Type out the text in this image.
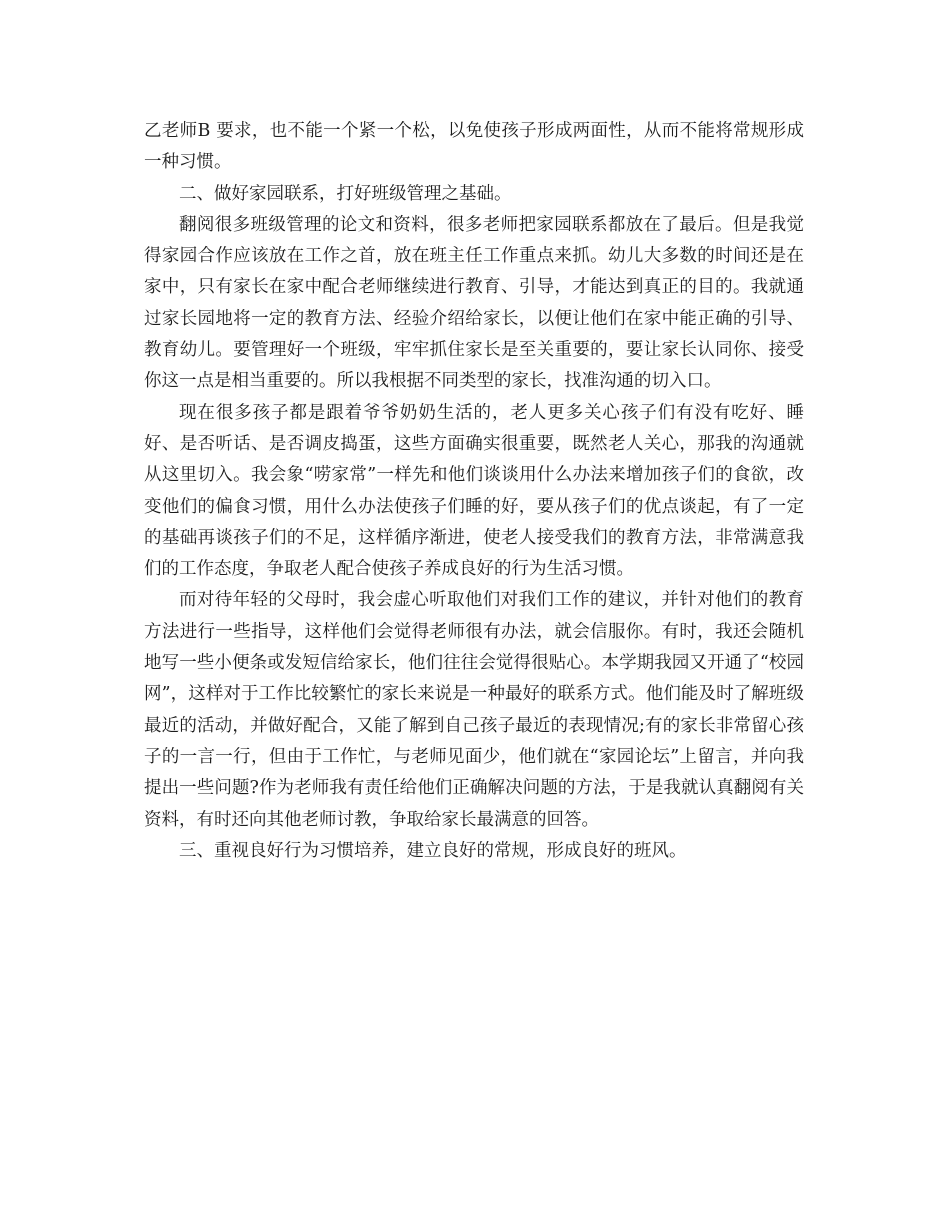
乙老师B 要求，也不能一个紧一个松，以免使孩子形成两面性，从而不能将常规形成一种习惯。

二、做好家园联系，打好班级管理之基础。

翻阅很多班级管理的论文和资料，很多老师把家园联系都放在了最后。但是我觉得家园合作应该放在工作之首，放在班主任工作重点来抓。幼儿大多数的时间还是在家中，只有家长在家中配合老师继续进行教育、引导，才能达到真正的目的。我就通过家长园地将一定的教育方法、经验介绍给家长，以便让他们在家中能正确的引导、教育幼儿。要管理好一个班级，牢牢抓住家长是至关重要的，要让家长认同你、接受你这一点是相当重要的。所以我根据不同类型的家长，找准沟通的切入口。

现在很多孩子都是跟着爷爷奶奶生活的，老人更多关心孩子们有没有吃好、睡好、是否听话、是否调皮捣蛋，这些方面确实很重要，既然老人关心，那我的沟通就从这里切入。我会象“唠家常”一样先和他们谈谈用什么办法来增加孩子们的食欲，改变他们的偏食习惯，用什么办法使孩子们睡的好，要从孩子们的优点谈起，有了一定的基础再谈孩子们的不足，这样循序渐进，使老人接受我们的教育方法，非常满意我们的工作态度，争取老人配合使孩子养成良好的行为生活习惯。

而对待年轻的父母时，我会虚心听取他们对我们工作的建议，并针对他们的教育方法进行一些指导，这样他们会觉得老师很有办法，就会信服你。有时，我还会随机地写一些小便条或发短信给家长，他们往往会觉得很贴心。本学期我园又开通了“校园网”，这样对于工作比较繁忙的家长来说是一种最好的联系方式。他们能及时了解班级最近的活动，并做好配合，又能了解到自己孩子最近的表现情况;有的家长非常留心孩子的一言一行，但由于工作忙，与老师见面少，他们就在“家园论坛”上留言，并向我提出一些问题?作为老师我有责任给他们正确解决问题的方法，于是我就认真翻阅有关资料，有时还向其他老师讨教，争取给家长最满意的回答。

三、重视良好行为习惯培养，建立良好的常规，形成良好的班风。
